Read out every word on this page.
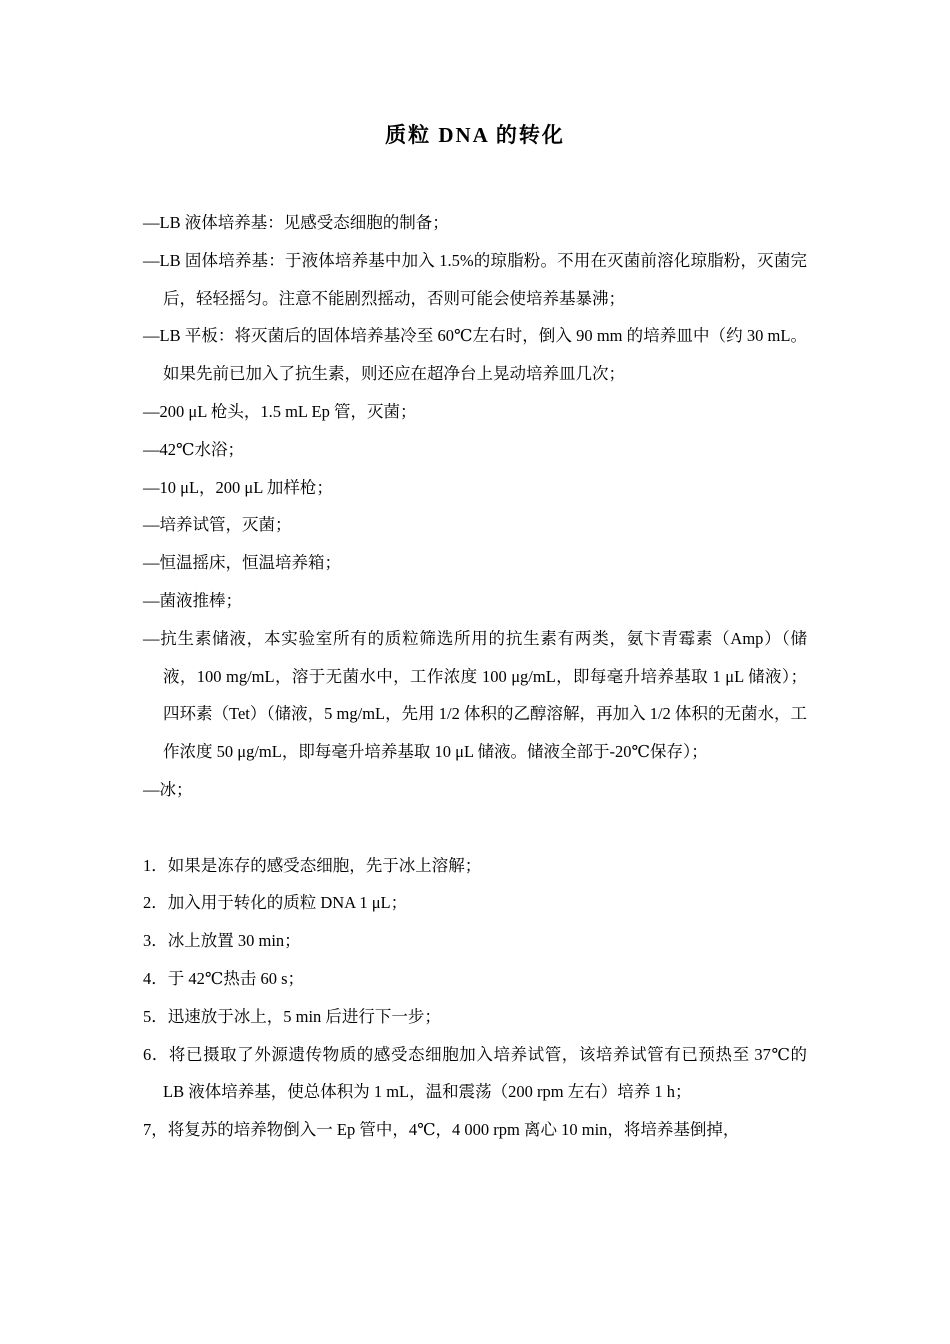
质粒 DNA 的转化

—LB 液体培养基：见感受态细胞的制备；

—LB 固体培养基：于液体培养基中加入 1.5%的琼脂粉。不用在灭菌前溶化琼脂粉，灭菌完后，轻轻摇匀。注意不能剧烈摇动，否则可能会使培养基暴沸；

—LB 平板：将灭菌后的固体培养基冷至 60℃左右时，倒入 90 mm 的培养皿中（约 30 mL。如果先前已加入了抗生素，则还应在超净台上晃动培养皿几次；

—200 μL 枪头，1.5 mL Ep 管，灭菌；

—42℃水浴；

—10 μL，200 μL 加样枪；

—培养试管，灭菌；

—恒温摇床，恒温培养箱；

—菌液推棒；

—抗生素储液，本实验室所有的质粒筛选所用的抗生素有两类，氨卞青霉素（Amp）（储液，100 mg/mL，溶于无菌水中，工作浓度 100 μg/mL，即每毫升培养基取 1 μL 储液）；四环素（Tet）（储液，5 mg/mL，先用 1/2 体积的乙醇溶解，再加入 1/2 体积的无菌水，工作浓度 50 μg/mL，即每毫升培养基取 10 μL 储液。储液全部于-20℃保存）；

—冰；

1．如果是冻存的感受态细胞，先于冰上溶解；

2．加入用于转化的质粒 DNA 1 μL；

3．冰上放置 30 min；

4．于 42℃热击 60 s；

5．迅速放于冰上，5 min 后进行下一步；

6．将已摄取了外源遗传物质的感受态细胞加入培养试管，该培养试管有已预热至 37℃的 LB 液体培养基，使总体积为 1 mL，温和震荡（200 rpm 左右）培养 1 h；

7，将复苏的培养物倒入一 Ep 管中，4℃，4 000 rpm 离心 10 min，将培养基倒掉，
